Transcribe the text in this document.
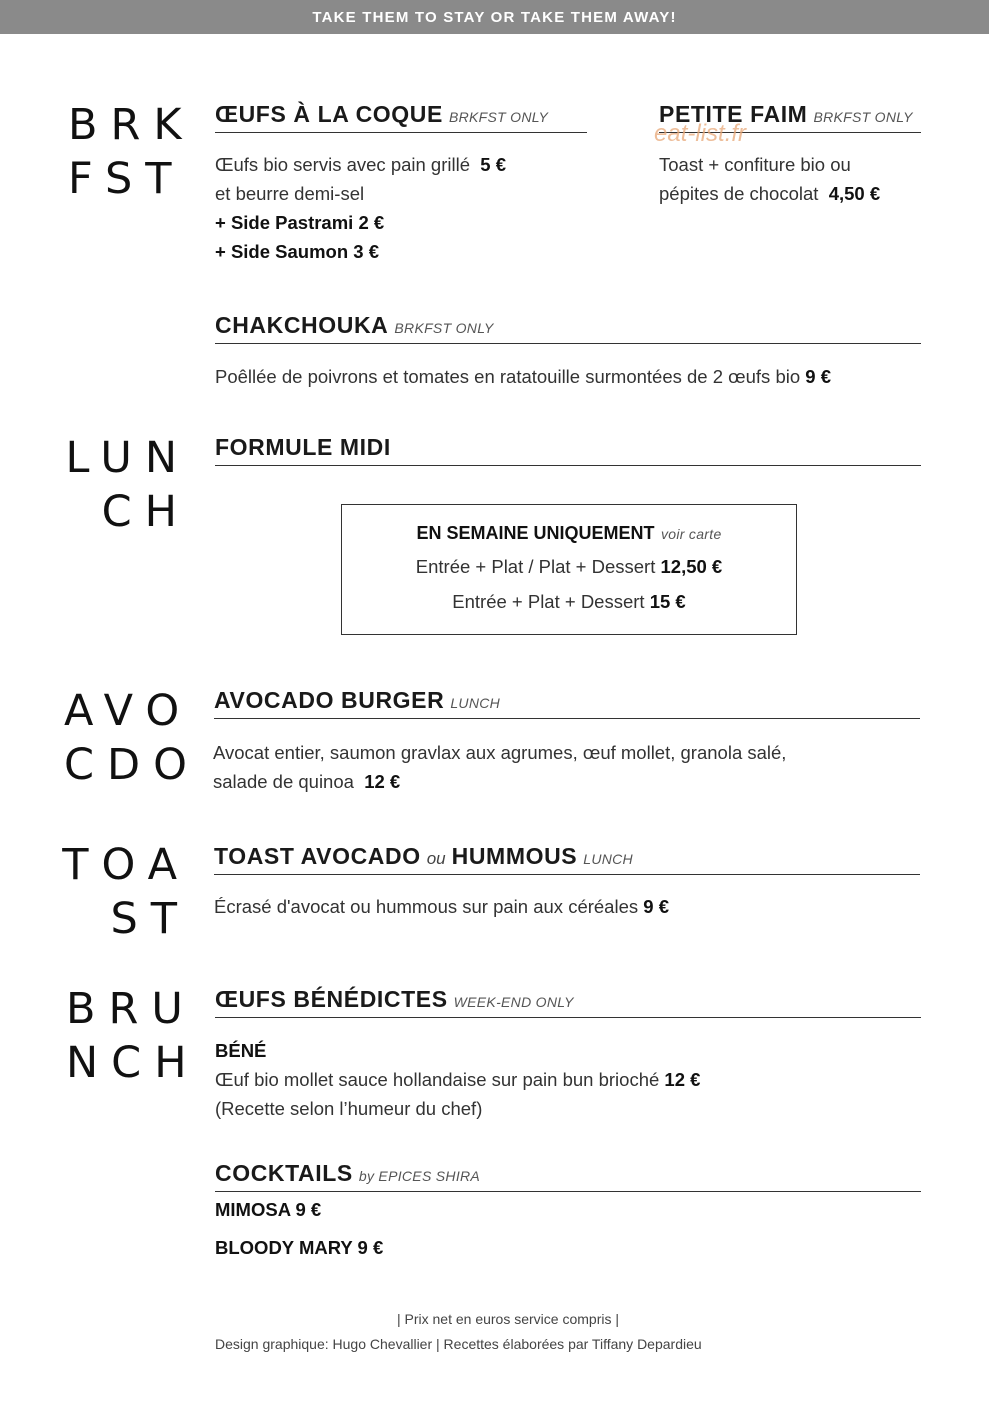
TAKE THEM TO STAY OR TAKE THEM AWAY!
BRK
FST
LUN
CH
AVO
CDO
TOA
ST
BRU
NCH
ŒUFS À LA COQUE BRKFST ONLY
Œufs bio servis avec pain grillé 5 €
et beurre demi-sel
+ Side Pastrami 2 €
+ Side Saumon 3 €
PETITE FAIM BRKFST ONLY
eat-list.fr
Toast + confiture bio ou
pépites de chocolat 4,50 €
CHAKCHOUKA BRKFST ONLY
Poêllée de poivrons et tomates en ratatouille surmontées de 2 œufs bio 9 €
FORMULE MIDI
EN SEMAINE UNIQUEMENT voir carte
Entrée + Plat / Plat + Dessert 12,50 €
Entrée + Plat + Dessert 15 €
AVOCADO BURGER LUNCH
Avocat entier, saumon gravlax aux agrumes, œuf mollet, granola salé,
salade de quinoa 12 €
TOAST AVOCADO ou HUMMOUS LUNCH
Écrasé d'avocat ou hummous sur pain aux céréales 9 €
ŒUFS BÉNÉDICTES WEEK-END ONLY
BÉNÉ
Œuf bio mollet sauce hollandaise sur pain bun brioché 12 €
(Recette selon l’humeur du chef)
COCKTAILS by EPICES SHIRA
MIMOSA 9 €
BLOODY MARY 9 €
| Prix net en euros service compris |
Design graphique: Hugo Chevallier | Recettes élaborées par Tiffany Depardieu
